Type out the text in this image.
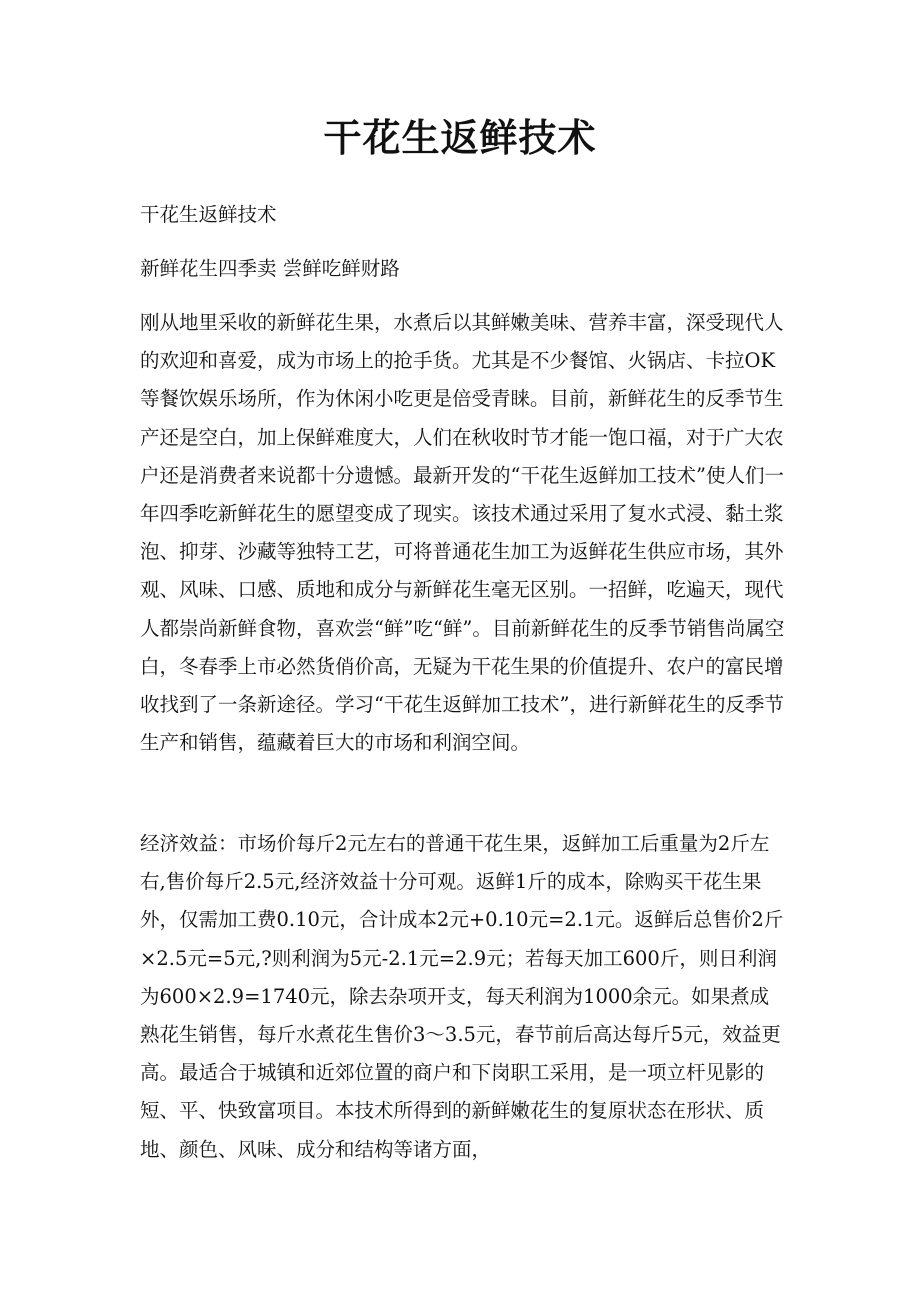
干花生返鲜技术

干花生返鲜技术

新鲜花生四季卖 尝鲜吃鲜财路

刚从地里采收的新鲜花生果，水煮后以其鲜嫩美味、营养丰富，深受现代人的欢迎和喜爱，成为市场上的抢手货。尤其是不少餐馆、火锅店、卡拉OK等餐饮娱乐场所，作为休闲小吃更是倍受青睐。目前，新鲜花生的反季节生产还是空白，加上保鲜难度大，人们在秋收时节才能一饱口福，对于广大农户还是消费者来说都十分遗憾。最新开发的“干花生返鲜加工技术”使人们一年四季吃新鲜花生的愿望变成了现实。该技术通过采用了复水式浸、黏土浆泡、抑芽、沙藏等独特工艺，可将普通花生加工为返鲜花生供应市场，其外观、风味、口感、质地和成分与新鲜花生毫无区别。一招鲜，吃遍天，现代人都崇尚新鲜食物，喜欢尝“鲜”吃“鲜”。目前新鲜花生的反季节销售尚属空白，冬春季上市必然货俏价高，无疑为干花生果的价值提升、农户的富民增收找到了一条新途径。学习“干花生返鲜加工技术”，进行新鲜花生的反季节生产和销售，蕴藏着巨大的市场和利润空间。

经济效益：市场价每斤2元左右的普通干花生果，返鲜加工后重量为2斤左右,售价每斤2.5元,经济效益十分可观。返鲜1斤的成本，除购买干花生果外，仅需加工费0.10元，合计成本2元+0.10元=2.1元。返鲜后总售价2斤×2.5元=5元,?则利润为5元-2.1元=2.9元；若每天加工600斤，则日利润为600×2.9=1740元，除去杂项开支，每天利润为1000余元。如果煮成熟花生销售，每斤水煮花生售价3～3.5元，春节前后高达每斤5元，效益更高。最适合于城镇和近郊位置的商户和下岗职工采用，是一项立杆见影的短、平、快致富项目。本技术所得到的新鲜嫩花生的复原状态在形状、质地、颜色、风味、成分和结构等诸方面，
